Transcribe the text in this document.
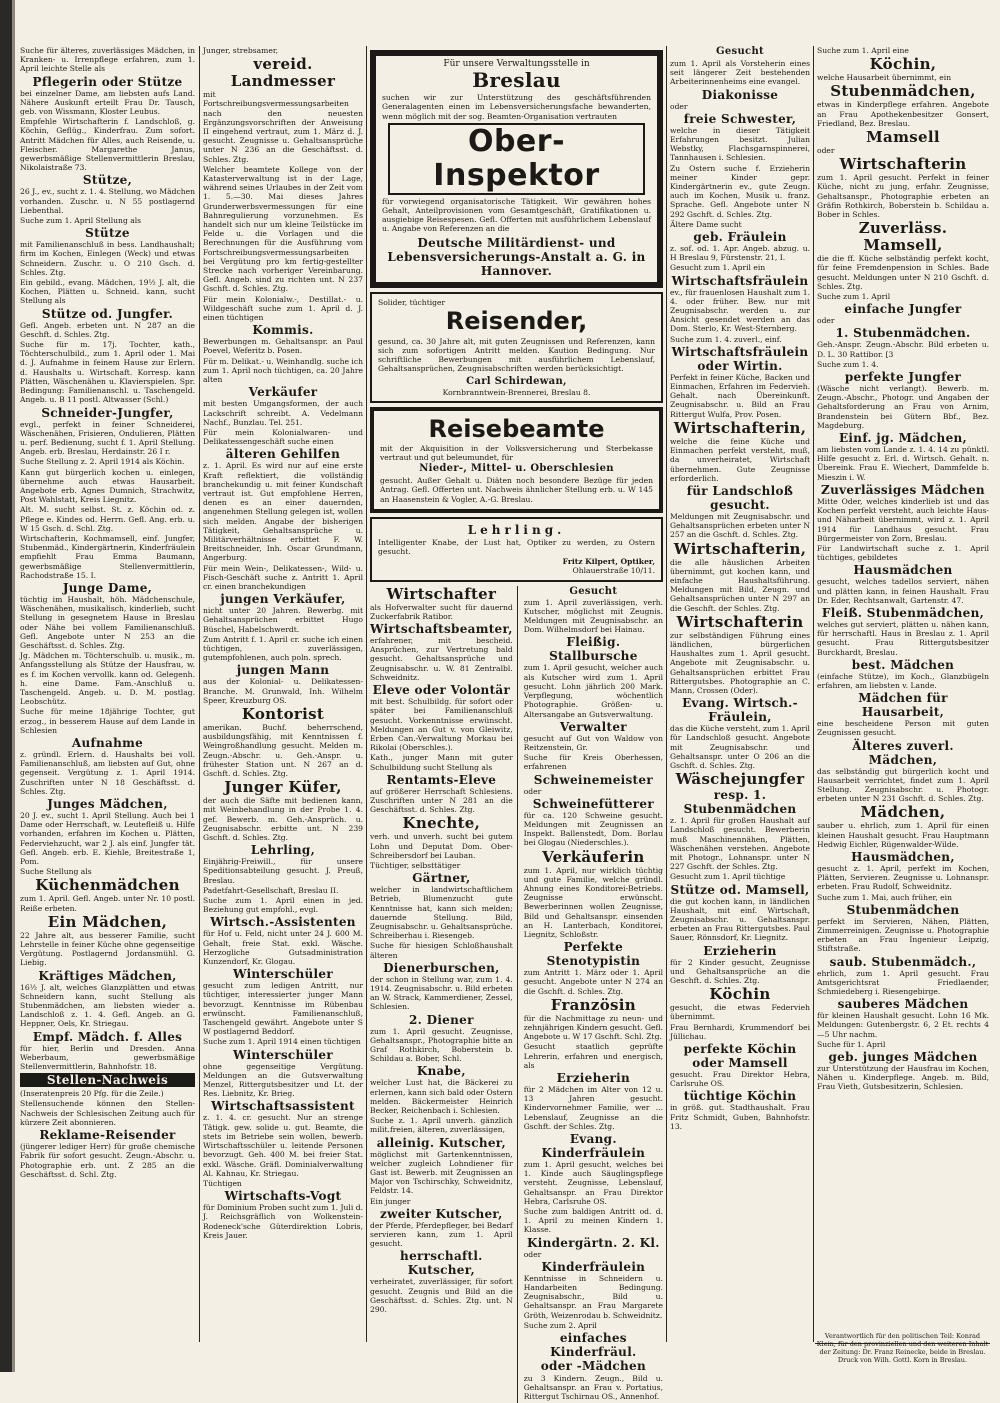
Suche für älteres, zuverlässiges Mädchen, in Kranken- u. Irrenpflege erfahren, zum 1. April leichte Stelle als

Pflegerin oder Stütze

bei einzelner Dame, am liebsten aufs Land. Nähere Auskunft erteilt Frau Dr. Tausch, geb. von Wissmann, Kloster Leubus.

Empfehle Wirtschafterin f. Landschloß, g. Köchin, Geflüg., Kinderfrau. Zum sofort. Antritt Mädchen für Alles, auch Reisende, u. Fleischer. Margarethe Janus, gewerbsmäßige Stellenvermittlerin Breslau, Nikolaistraße 73.

Stütze,

26 J., ev., sucht z. 1. 4. Stellung, wo Mädchen vorhanden. Zuschr. u. N 55 postlagernd Liebenthal.

Suche zum 1. April Stellung als

Stütze

mit Familienanschluß in bess. Landhaushalt; firm im Kochen, Einlegen (Weck) und etwas Schneidern. Zuschr. u. O 210 Gsch. d. Schles. Ztg.

Ein gebild., evang. Mädchen, 19½ J. alt, die Kochen, Plätten u. Schneid. kann, sucht Stellung als

Stütze od. Jungfer.

Gefl. Angeb. erbeten unt. N 287 an die Geschft. d. Schles. Ztg.

Suche für m. 17j. Tochter, kath., Töchterschulbild., zum 1. April oder 1. Mai d. J. Aufnahme in feinem Hause zur Erlern. d. Haushalts u. Wirtschaft. Korresp. kann Plätten, Wäschenähen u. Klavierspielen. Spr. Bedingung: Familienanschl. u. Taschengeld. Angeb. u. B 11 postl. Altwasser (Schl.)

Schneider-Jungfer,

evgl., perfekt in feiner Schneiderei, Wäschenähen, Frisieren, Ondulieren, Plätten u. perf. Bedienung, sucht f. 1. April Stellung. Angeb. erb. Breslau, Herdainstr. 26 I r.

Suche Stellung z. 2. April 1914 als Köchin.

Kann gut bürgerlich kochen u. einlegen, übernehme auch etwas Hausarbeit. Angebote erb. Agnes Dumnich, Strachwitz, Post Wahlstatt, Kreis Liegnitz.

Alt. M. sucht selbst. St. z. Köchin od. z. Pflege e. Kindes od. Herrn. Gefl. Ang. erb. u. W 15 Gsch. d. Schl. Ztg.

Wirtschafterin, Kochmamsell, einf. Jungfer, Stubenmäd., Kindergärtnerin, Kinderfräulein empfiehlt Frau Emma Baumann, gewerbsmäßige Stellenvermittlerin, Rachodstraße 15. I.

Junge Dame,

tüchtig im Haushalt, höh. Mädchenschule, Wäschenähen, musikalisch, kinderlieb, sucht Stellung in gesegnetem Hause in Breslau oder Nähe bei vollem Familienanschluß. Gefl. Angebote unter N 253 an die Geschäftsst. d. Schles. Ztg.

Jg. Mädchen m. Töchterschulb. u. musik., m. Anfangsstellung als Stütze der Hausfrau, w. es f. im Kochen vervollk. kann od. Gelegenh. h. eine Dame. Fam.-Anschluß u. Taschengeld. Angeb. u. D. M. postlag. Leobschütz.

Suche für meine 18jährige Tochter, gut erzog., in besserem Hause auf dem Lande in Schlesien

Aufnahme

z. gründl. Erlern. d. Haushalts bei voll. Familienanschluß, am liebsten auf Gut, ohne gegenseit. Vergütung z. 1. April 1914. Zuschriften unter N 18 Geschäftsst. d. Schles. Ztg.

Junges Mädchen,

20 J. ev., sucht 1. April Stellung. Auch bei 1 Dame oder Herrschaft, w. Leutefleiß u. Hilfe vorhanden, erfahren im Kochen u. Plätten, Federviehzucht, war 2 J. als einf. Jungfer tät. Gefl. Angeb. erb. E. Kiehle, Breitestraße 1, Pom.

Suche Stellung als

Küchenmädchen

zum 1. April. Gefl. Angeb. unter Nr. 10 postl. Reiße erbeten.

Ein Mädchen,

22 Jahre alt, aus besserer Familie, sucht Lehrstelle in feiner Küche ohne gegenseitige Vergütung. Postlagernd Jordansmühl. G. Liebig.

Kräftiges Mädchen,

16½ J. alt, welches Glanzplätten und etwas Schneidern kann, sucht Stellung als Stubenmädchen, am liebsten wieder a. Landschloß z. 1. 4. Gefl. Angeb. an G. Heppner, Oels, Kr. Striegau.

Empf. Mädch. f. Alles

für hier, Berlin und Dresden. Anna Weberbaum, gewerbsmäßige Stellenvermittlerin, Bahnhofstr. 18.

Stellen-Nachweis

(Inseratenpreis 20 Pfg. für die Zeile.)

Stellensuchende können den Stellen-Nachweis der Schlesischen Zeitung auch für kürzere Zeit abonnieren.

Reklame-Reisender

(jüngerer lediger Herr) für große chemische Fabrik für sofort gesucht. Zeugn.-Abschr. u. Photographie erb. unt. Z 285 an die Geschäftsst. d. Schl. Ztg.

Junger, strebsamer,

vereid. Landmesser

mit Fortschreibungsvermessungsarbeiten nach den neuesten Ergänzungsvorschriften der Anweisung II eingehend vertraut, zum 1. März d. J. gesucht. Zeugnisse u. Gehaltsansprüche unter N 236 an die Geschäftsst. d. Schles. Ztg.

Welcher beamtete Kollege von der Katasterverwaltung ist in der Lage, während seines Urlaubes in der Zeit vom 1. 5.—30. Mai dieses Jahres Grunderwerbsvermessungen für eine Bahnregulierung vorzunehmen. Es handelt sich nur um kleine Teilstücke im Felde u. die Vorlagen und die Berechnungen für die Ausführung vom Fortschreibungsvermessungsarbeiten bei Vergütung pro km fertig-gestellter Strecke nach vorheriger Vereinbarung. Gefl. Angeb. sind zu richten unt. N 237 Gschft. d. Schles. Ztg.

Für mein Kolonialw.-, Destillat.- u. Wildgeschäft suche zum 1. April d. J. einen tüchtigen

Kommis.

Bewerbungen m. Gehaltsanspr. an Paul Poevel, Weferitz b. Posen.

Für m. Delikat.- u. Weinhandlg. suche ich zum 1. April noch tüchtigen, ca. 20 Jahre alten

Verkäufer

mit besten Umgangsformen, der auch Lackschrift schreibt. A. Vedelmann Nachf., Bunzlau. Tel. 251.

Für mein Kolonialwaren- und Delikatessengeschäft suche einen

älteren Gehilfen

z. 1. April. Es wird nur auf eine erste Kraft reflektiert, die vollständig branchekundig u. mit feiner Kundschaft vertraut ist. Gut empfohlene Herren, denen es an einer dauernden, angenehmen Stellung gelegen ist, wollen sich melden. Angabe der bisherigen Tätigkeit, Gehaltsansprüche u. Militärverhältnisse erbittet F. W. Breitschneider, Inh. Oscar Grundmann, Angerburg.

Für mein Wein-, Delikatessen-, Wild- u. Fisch-Geschäft suche z. Antritt 1. April cr. einen branchekundigen

jungen Verkäufer,

nicht unter 20 Jahren. Bewerbg. mit Gehaltsansprüchen erbittet Hugo Büschel, Habelschwerdt.

Zum Antritt f. 1. April cr. suche ich einen tüchtigen, zuverlässigen, gutempfohlenen, auch poln. sprech.

jungen Mann

aus der Kolonial- u. Delikatessen-Branche. M. Grunwald, Inh. Wilhelm Speer, Kreuzburg OS.

Kontorist

amerikan. Buchf. beherrschend, ausbildungsfähig, mit Kenntnissen f. Weingroßhandlung gesucht. Melden m. Zeugn.-Abschr. u. Geh.-Anspr. u. frühester Station unt. N 267 an d. Gschft. d. Schles. Ztg.

Junger Küfer,

der auch die Säfte mit bedienen kann, mit Weinbehandlung in der Probe 1. 4. gef. Bewerb. m. Geh.-Ansprüch. u. Zeugnisabschr. erbitte unt. N 239 Gschft. d. Schles. Ztg.

Lehrling,

Einjährig-Freiwill., für unsere Speditionsabteilung gesucht. J. Preuß, Breslau.

Padetfahrt-Gesellschaft, Breslau II.

Suche zum 1. April einen in jed. Beziehung gut empfohl., evgl.

Wirtsch.-Assistenten

für Hof u. Feld, nicht unter 24 J. 600 M. Gehalt, freie Stat. exkl. Wäsche. Herzogliche Gutsadministration Kunzendorf, Kr. Glogau.

Winterschüler

gesucht zum ledigen Antritt, nur tüchtiger, interessierter junger Mann bevorzugt. Kenntnisse im Rübenbau erwünscht. Familienanschluß, Taschengeld gewährt. Angebote unter S W postlagernd Beddorf.

Suche zum 1. April 1914 einen tüchtigen

Winterschüler

ohne gegenseitige Vergütung. Meldungen an die Gutsverwaltung Menzel, Rittergutsbesitzer und Lt. der Res. Liebnitz, Kr. Brieg.

Wirtschaftsassistent

z. 1. 4. cr. gesucht. Nur an strenge Tätigk. gew. solide u. gut. Beamte, die stets im Betriebe sein wollen, bewerb. Wirtschaftsschüler u. leitende Personen bevorzugt. Geh. 400 M. bei freier Stat. exkl. Wäsche. Gräfl. Dominialverwaltung Al. Kahnau, Kr. Striegau.

Tüchtigen

Wirtschafts-Vogt

für Dominium Proben sucht zum 1. Juli d. J. Reichsgräflich von Wolkenstein-Rodeneck'sche Güterdirektion Lobris, Kreis Jauer.

Für unsere Verwaltungsstelle in
Breslau

suchen wir zur Unterstützung des geschäftsführenden Generalagenten einen im Lebensversicherungsfache bewanderten, wenn möglich mit der sog. Beamten-Organisation vertrauten

Ober-Inspektor

für vorwiegend organisatorische Tätigkeit. Wir gewähren hohes Gehalt, Anteilprovisionen vom Gesamtgeschäft, Gratifikationen u. ausgiebige Reisespesen. Gefl. Offerten mit ausführlichem Lebenslauf u. Angabe von Referenzen an die

Deutsche Militärdienst- und Lebensversicherungs-Anstalt a. G. in Hannover.
Solider, tüchtiger
Reisender,

gesund, ca. 30 Jahre alt, mit guten Zeugnissen und Referenzen, kann sich zum sofortigen Antritt melden. Kaution Bedingung. Nur schriftliche Bewerbungen mit ausführlichem Lebenslauf, Gehaltsansprüchen, Zeugnisabschriften werden berücksichtigt.

Carl Schirdewan,
Kornbranntwein-Brennerei, Breslau 8.
Reisebeamte

mit der Akquisition in der Volksversicherung und Sterbekasse vertraut und gut beleumundet, für

Nieder-, Mittel- u. Oberschlesien

gesucht. Außer Gehalt u. Diäten noch besondere Bezüge für jeden Antrag. Gefl. Offerten unt. Nachweis ähnlicher Stellung erb. u. W 145 an Haasenstein & Vogler, A.-G. Breslau.

Lehrling.

Intelligenter Knabe, der Lust hat, Optiker zu werden, zu Ostern gesucht.

Fritz Kilpert, Optiker,
Ohlauerstraße 10/11.
Wirtschafter

als Hofverwalter sucht für dauernd Zuckerfabrik Ratibor.

Wirtschaftsbeamter,

erfahrener, mit bescheid. Ansprüchen, zur Vertretung bald gesucht. Gehaltsansprüche und Zeugnisabschr. u. W. 81 Zentralbl. Schweidnitz.

Eleve oder Volontär

mit best. Schulbildg. für sofort oder später bei Familienanschluß gesucht. Vorkenntnisse erwünscht. Meldungen an Gut v. von Gleiwitz, Erben Can.-Verwaltung Morkau bei Rikolai (Oberschles.).

Kath., junger Mann mit guter Schulbildung sucht Stellung als

Rentamts-Eleve

auf größerer Herrschaft Schlesiens. Zuschriften unter N 281 an die Geschäftsst. d. Schles. Ztg.

Knechte,

verh. und unverh. sucht bei gutem Lohn und Deputat Dom. Ober-Schreibersdorf bei Lauban.

Tüchtiger, selbsttätiger

Gärtner,

welcher in landwirtschaftlichem Betrieb, Blumenzucht gute Kenntnisse hat, kann sich melden; dauernde Stellung. Bild, Zeugnisabschr. u. Gehaltsansprüche. Schreiberhau i. Riesengeb.

Suche für hiesigen Schloßhaushalt älteren

Dienerburschen,

der schon in Stellung war, zum 1. 4. 1914. Zeugnisabschr. u. Bild erbeten an W. Strack, Kammerdiener, Zessel, Schlesien.

2. Diener

zum 1. April gesucht. Zeugnisse, Gehaltsanspr., Photographie bitte an Graf Rothkirch, Boberstein b. Schildau a. Bober, Schl.

Knabe,

welcher Lust hat, die Bäckerei zu erlernen, kann sich bald oder Ostern melden. Bäckermeister Heinrich Becker, Reichenbach i. Schlesien.

Suche z. 1. April unverh. gänzlich milit.freien, älteren, zuverlässigen,

alleinig. Kutscher,

möglichst mit Gartenkenntnissen, welcher zugleich Lohndiener für Gast ist. Bewerb. mit Zeugnissen an Major von Tschirschky, Schweidnitz, Feldstr. 14.

Ein junger

zweiter Kutscher,

der Pferde, Pferdepfleger, bei Bedarf servieren kann, zum 1. April gesucht.

herrschaftl. Kutscher,

verheiratet, zuverlässiger, für sofort gesucht. Zeugnis und Bild an die Geschäftsst. d. Schles. Ztg. unt. N 290.

Gesucht

zum 1. April zuverlässigen, verh. Kutscher, möglichst mit Zeugnis. Meldungen mit Zeugnisabschr. an Dom. Wilhelmsdorf bei Hainau.

Fleißig. Stallbursche

zum 1. April gesucht, welcher auch als Kutscher wird zum 1. April gesucht. Lohn jährlich 200 Mark. Verpflegung, wöchentlich Photographie. Größen- u. Altersangabe an Gutsverwaltung.

Verwalter

gesucht auf Gut von Waldow von Reitzenstein, Gr.

Suche für Kreis Oberhessen, erfahrenen

Schweinemeister

oder

Schweinefütterer

für ca. 120 Schweine gesucht. Meldungen mit Zeugnissen an Inspekt. Ballenstedt, Dom. Borlau bei Glogau (Niederschles.).

Verkäuferin

zum 1. April, nur wirklich tüchtig und gute Familie, welche gründl. Ahnung eines Konditorei-Betriebs. Zeugnisse erwünscht. Bewerberinnen wollen Zeugnisse, Bild und Gehaltsanspr. einsenden an H. Lanterbach, Konditorei, Liegnitz, Schloßstr.

Perfekte Stenotypistin

zum Antritt 1. März oder 1. April gesucht. Angebote unter N 274 an die Gschft. d. Schles. Ztg.

Französin

für die Nachmittage zu neun- und zehnjährigen Kindern gesucht. Gefl. Angebote u. W 17 Gschft. Schl. Ztg.

Gesucht staatlich geprüfte Lehrerin, erfahren und energisch, als

Erzieherin

für 2 Mädchen im Alter von 12 u. 13 Jahren gesucht. Kindervornehmer Familie, wer ... Lebenslauf, Zeugnisse an die Gschft. der Schles. Ztg.

Evang. Kinderfräulein

zum 1. April gesucht, welches bei 1. Kinde auch Säuglingspflege versteht. Zeugnisse, Lebenslauf, Gehaltsanspr. an Frau Direktor Hebra, Carlsruhe OS.

Suche zum baldigen Antritt od. d. 1. April zu meinen Kindern 1. Klasse.

Kindergärtn. 2. Kl.

oder

Kinderfräulein

Kenntnisse in Schneidern u. Handarbeiten Bedingung. Zeugnisabschr., Bild u. Gehaltsanspr. an Frau Margarete Gröth, Weizenrodau b. Schweidnitz.

Suche zum 2. April

einfaches Kinderfräul.

oder -Mädchen

zu 3 Kindern. Zeugn., Bild u. Gehaltsanspr. an Frau v. Portatius, Rittergut Tschirnau OS., Annenhof.

Gesucht

zum 1. April als Vorsteherin eines seit längerer Zeit bestehenden Arbeiterinnenheims eine evangel.

Diakonisse

oder

freie Schwester,

welche in dieser Tätigkeit Erfahrungen besitzt. Julian Webstky, Flachsgarnspinnerei, Tannhausen i. Schlesien.

Zu Ostern suche f. Erzieherin meiner Kinder gepr. Kindergärtnerin ev., gute Zeugn. auch im Kochen, Musik u. franz. Sprache. Gefl. Angebote unter N 292 Gschft. d. Schles. Ztg.

Ältere Dame sucht

geb. Fräulein

z. sof. od. 1. Apr. Angeb. abzug. u. H Breslau 9, Fürstenstr. 21, I.

Gesucht zum 1. April ein

Wirtschaftsfräulein

ev., für frauenlosen Haushalt zum 1. 4. oder früher. Bew. nur mit Zeugnisabschr. werden u. zur Ansicht gesendet werden an das Dom. Sterlo, Kr. West-Sternberg.

Suche zum 1. 4. zuverl., einf.

Wirtschaftsfräulein oder Wirtin.

Perfekt in feiner Küche, Backen und Einmachen, Erfahren im Federvieh. Gehalt. nach Übereinkunft. Zeugnisabschr. u. Bild an Frau Rittergut Wulfa, Prov. Posen.

Wirtschafterin,

welche die feine Küche und Einmachen perfekt versteht, muß, da unverheiratet, Wirtschaft übernehmen. Gute Zeugnisse erforderlich.

für Landschloß gesucht.

Meldungen mit Zeugnisabschr. und Gehaltsansprüchen erbeten unter N 257 an die Gschft. d. Schles. Ztg.

Wirtschafterin,

die alle häuslichen Arbeiten übernimmt, gut kochen kann, und einfache Haushaltsführung. Meldungen mit Bild, Zeugn. und Gehaltsansprüchen unter N 297 an die Geschft. der Schles. Ztg.

Wirtschafterin

zur selbständigen Führung eines ländlichen, bürgerlichen Haushaltes zum 1. April gesucht. Angebote mit Zeugnisabschr. u. Gehaltsansprüchen erbittet Frau Rittergutsbes. Photographie an C. Mann, Crossen (Oder).

Evang. Wirtsch.-Fräulein,

das die Küche versteht, zum 1. April für Landschloß gesucht. Angebote mit Zeugnisabschr. und Gehaltsanspr. unter O 206 an die Gschft. d. Schles. Ztg.

Wäschejungfer
resp. 1. Stubenmädchen

z. 1. April für großen Haushalt auf Landschloß gesucht. Bewerberin muß Maschinennähen, Plätten, Wäschenähen verstehen. Angebote mit Photogr., Lohnanspr. unter N 227 Gschft. der Schles. Ztg.

Gesucht zum 1. April tüchtige

Stütze od. Mamsell,

die gut kochen kann, in ländlichen Haushalt, mit einf. Wirtschaft, Zeugnisabschr. u. Gehaltsanspr. erbeten an Frau Rittergutsbes. Paul Sauer, Rönnsdorf, Kr. Liegnitz.

Erzieherin

für 2 Kinder gesucht, Zeugnisse und Gehaltsansprüche an die Geschft. d. Schles. Ztg.

Köchin

gesucht, die etwas Federvieh übernimmt.

Frau Bernhardi, Krummendorf bei Jüllichau.

perfekte Köchin oder Mamsell

gesucht. Frau Direktor Hebra, Carlsruhe OS.

tüchtige Köchin

in größ. gut. Stadthaushalt. Frau Fritz Schmidt, Guben, Bahnhofstr. 13.

Suche zum 1. April eine

Köchin,

welche Hausarbeit übernimmt, ein

Stubenmädchen,

etwas in Kinderpflege erfahren. Angebote an Frau Apothekenbesitzer Gonsert, Friedland, Bez. Breslau.

Mamsell

oder

Wirtschafterin

zum 1. April gesucht. Perfekt in feiner Küche, nicht zu jung, erfahr. Zeugnisse, Gehaltsanspr., Photographie erbeten an Gräfin Rothkirch, Boberstein b. Schildau a. Bober in Schles.

Zuverläss. Mamsell,

die die ff. Küche selbständig perfekt kocht, für feine Fremdenpension in Schles. Bade gesucht. Meldungen unter N 210 Gschft. d. Schles. Ztg.

Suche zum 1. April

einfache Jungfer

oder

1. Stubenmädchen.

Geh.-Anspr. Zeugn.-Abschr. Bild erbeten u. D. L. 30 Rattibor. [3

Suche zum 1. 4.

perfekte Jungfer

(Wäsche nicht verlangt). Bewerb. m. Zeugn.-Abschr., Photogr. und Angaben der Gehaltsforderung an Frau von Arnim, Brandenstein bei Gütern Bbf., Bez. Magdeburg.

Einf. jg. Mädchen,

am liebsten vom Lande z. 1. 4. 14 zu pünktl. Hilfe gesucht z. Erl. d. Wirtsch. Gehalt. n. Übereink. Frau E. Wiechert, Dammfelde b. Mieszin i. W.

Zuverlässiges Mädchen

Mitte Oder, welches kinderlieb ist und das Kochen perfekt versteht, auch leichte Haus- und Näharbeit übernimmt, wird z. 1. April 1914 für Landhaus gesucht. Frau Bürgermeister von Zorn, Breslau.

Für Landwirtschaft suche z. 1. April tüchtiges, gebildetes

Hausmädchen

gesucht, welches tadellos serviert, nähen und plätten kann, in feinen Haushalt. Frau Dr. Eder, Rechtsanwalt, Gartenstr. 47.

Fleiß. Stubenmädchen,

welches gut serviert, plätten u. nähen kann, für herrschaftl. Haus in Breslau z. 1. April gesucht. Frau Rittergutsbesitzer Burckhardt, Breslau.

best. Mädchen

(einfache Stütze), im Koch., Glanzbügeln erfahren, am liebsten v. Lande.

Mädchen für Hausarbeit,

eine bescheidene Person mit guten Zeugnissen gesucht.

Älteres zuverl. Mädchen,

das selbständig gut bürgerlich kocht und Hausarbeit verrichtet, findet zum 1. April Stellung. Zeugnisabschr. u. Photogr. erbeten unter N 231 Gschft. d. Schles. Ztg.

Mädchen,

sauber u. ehrlich, zum 1. April für einen kleinen Haushalt gesucht. Frau Hauptmann Hedwig Eichler, Rügenwalder-Wilde.

Hausmädchen,

gesucht z. 1. April, perfekt im Kochen, Plätten, Servieren. Zeugnisse u. Lohnanspr. erbeten. Frau Rudolf, Schweidnitz.

Suche zum 1. Mai, auch früher, ein

Stubenmädchen

perfekt im Servieren, Nähen, Plätten, Zimmerreinigen. Zeugnisse u. Photographie erbeten an Frau Ingenieur Leipzig, Stiftstraße.

saub. Stubenmädch.,

ehrlich, zum 1. April gesucht. Frau Amtsgerichtsrat Friedlaender, Schmiedeberg i. Riesengebirge.

sauberes Mädchen

für kleinen Haushalt gesucht. Lohn 16 Mk. Meldungen: Gutenbergstr. 6, 2 Et. rechts 4—5 Uhr nachm.

Suche für 1. April

geb. junges Mädchen

zur Unterstützung der Hausfrau im Kochen, Nähen u. Kinderpflege. Angeb. m. Bild, Frau Vieth, Gutsbesitzerin, Schlesien.

Verantwortlich für den politischen Teil: Konrad Klein, für den provinziellen und den weiteren Inhalt der Zeitung: Dr. Franz Reinecke, beide in Breslau.
Druck von Wilh. Gottl. Korn in Breslau.
